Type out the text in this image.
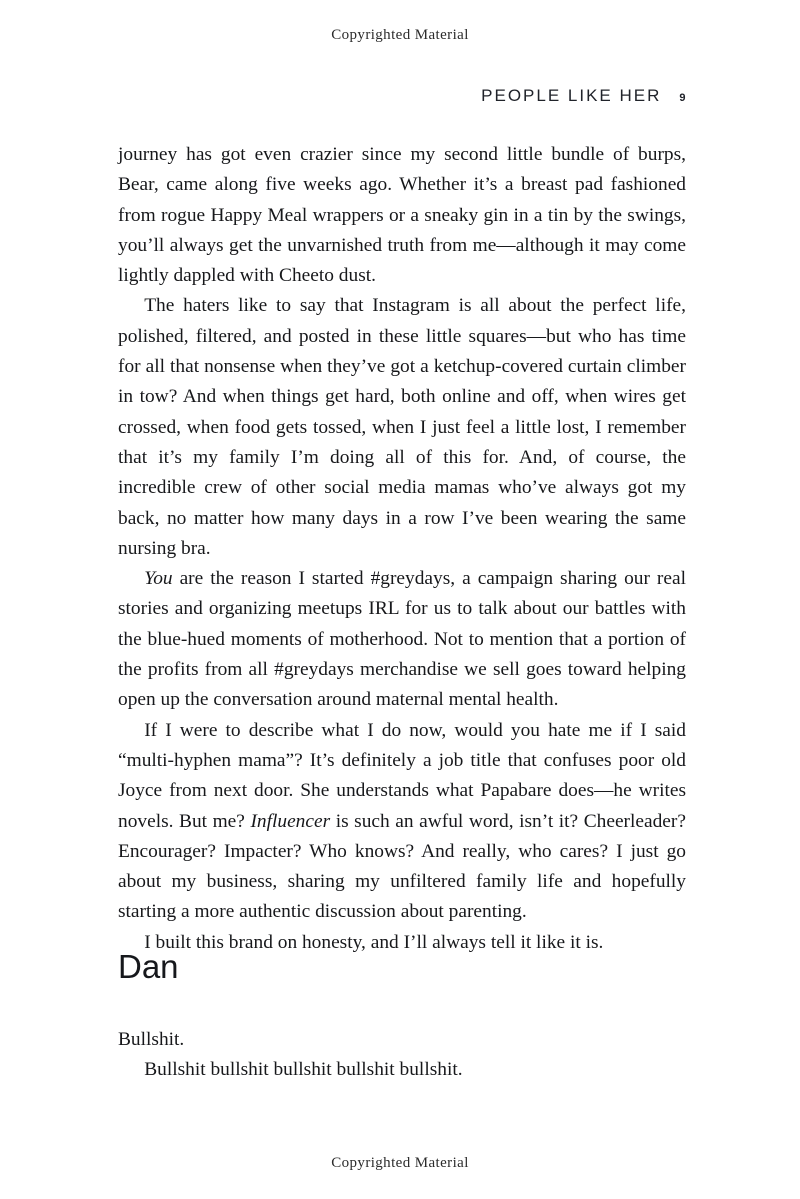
Copyrighted Material
PEOPLE LIKE HER 9

journey has got even crazier since my second little bundle of burps, Bear, came along five weeks ago. Whether it’s a breast pad fashioned from rogue Happy Meal wrappers or a sneaky gin in a tin by the swings, you’ll always get the unvarnished truth from me—although it may come lightly dappled with Cheeto dust.

The haters like to say that Instagram is all about the perfect life, polished, filtered, and posted in these little squares—but who has time for all that nonsense when they’ve got a ketchup-covered curtain climber in tow? And when things get hard, both online and off, when wires get crossed, when food gets tossed, when I just feel a little lost, I remember that it’s my family I’m doing all of this for. And, of course, the incredible crew of other social media mamas who’ve always got my back, no matter how many days in a row I’ve been wearing the same nursing bra.

You are the reason I started #greydays, a campaign sharing our real stories and organizing meetups IRL for us to talk about our battles with the blue-hued moments of motherhood. Not to mention that a portion of the profits from all #greydays merchandise we sell goes toward helping open up the conversation around maternal mental health.

If I were to describe what I do now, would you hate me if I said “multi-hyphen mama”? It’s definitely a job title that confuses poor old Joyce from next door. She understands what Papabare does—he writes novels. But me? Influencer is such an awful word, isn’t it? Cheerleader? Encourager? Impacter? Who knows? And really, who cares? I just go about my business, sharing my unfiltered family life and hopefully starting a more authentic discussion about parenting.

I built this brand on honesty, and I’ll always tell it like it is.

Dan

Bullshit.

Bullshit bullshit bullshit bullshit bullshit.

Copyrighted Material
